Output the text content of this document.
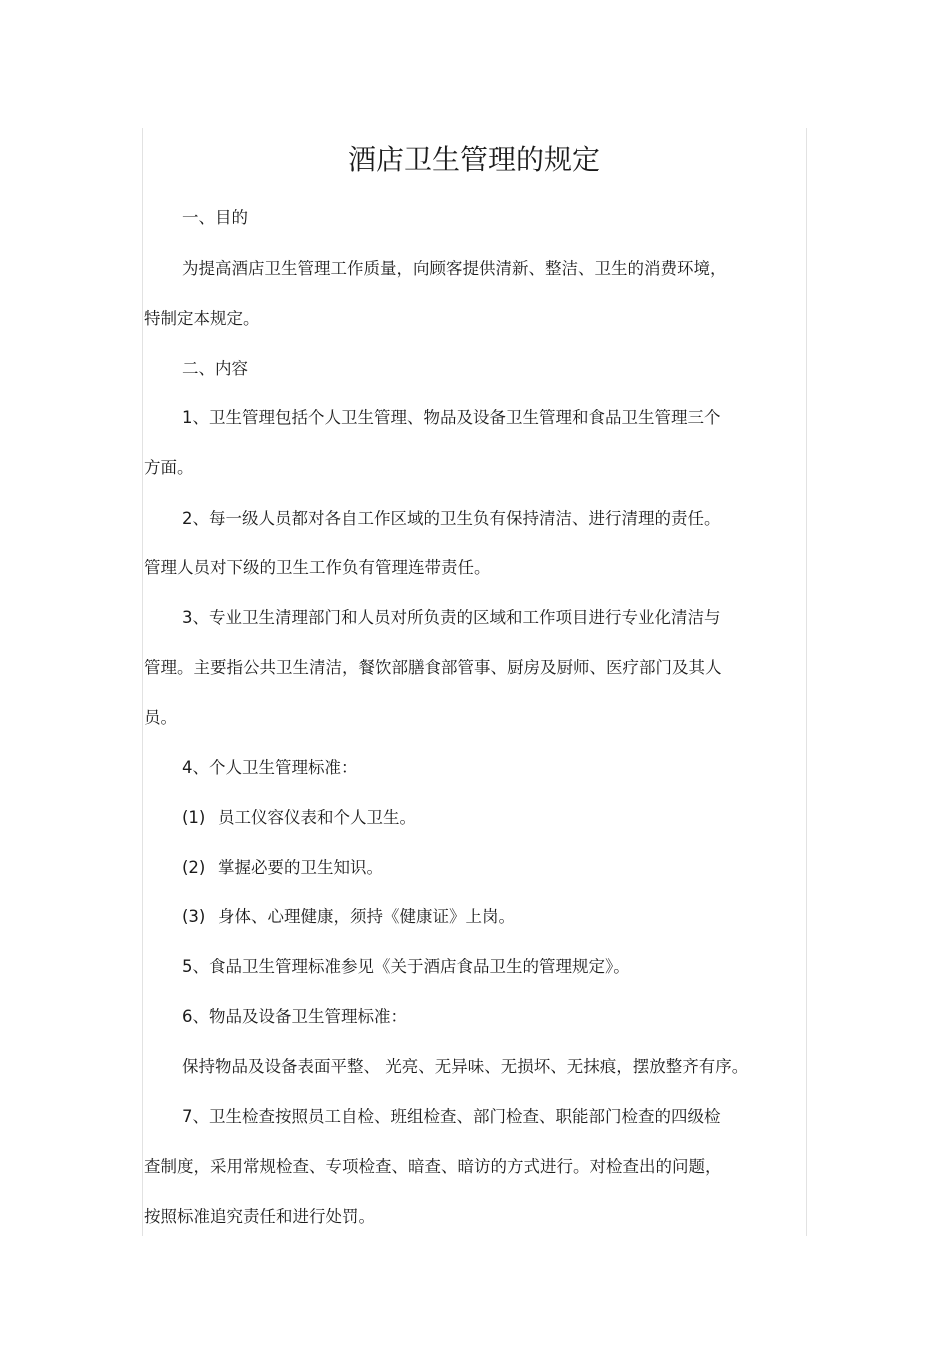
酒店卫生管理的规定
一、目的
为提高酒店卫生管理工作质量，向顾客提供清新、整洁、卫生的消费环境，
特制定本规定。
二、内容
1、卫生管理包括个人卫生管理、物品及设备卫生管理和食品卫生管理三个
方面。
2、每一级人员都对各自工作区域的卫生负有保持清洁、进行清理的责任。
管理人员对下级的卫生工作负有管理连带责任。
3、专业卫生清理部门和人员对所负责的区域和工作项目进行专业化清洁与
管理。主要指公共卫生清洁，餐饮部膳食部管事、厨房及厨师、医疗部门及其人
员。
4、个人卫生管理标准：
(1) 员工仪容仪表和个人卫生。
(2) 掌握必要的卫生知识。
(3) 身体、心理健康，须持《健康证》上岗。
5、食品卫生管理标准参见《关于酒店食品卫生的管理规定》。
6、物品及设备卫生管理标准：
保持物品及设备表面平整、 光亮、无异味、无损坏、无抹痕，摆放整齐有序。
7、卫生检查按照员工自检、班组检查、部门检查、职能部门检查的四级检
查制度，采用常规检查、专项检查、暗查、暗访的方式进行。对检查出的问题，
按照标准追究责任和进行处罚。
